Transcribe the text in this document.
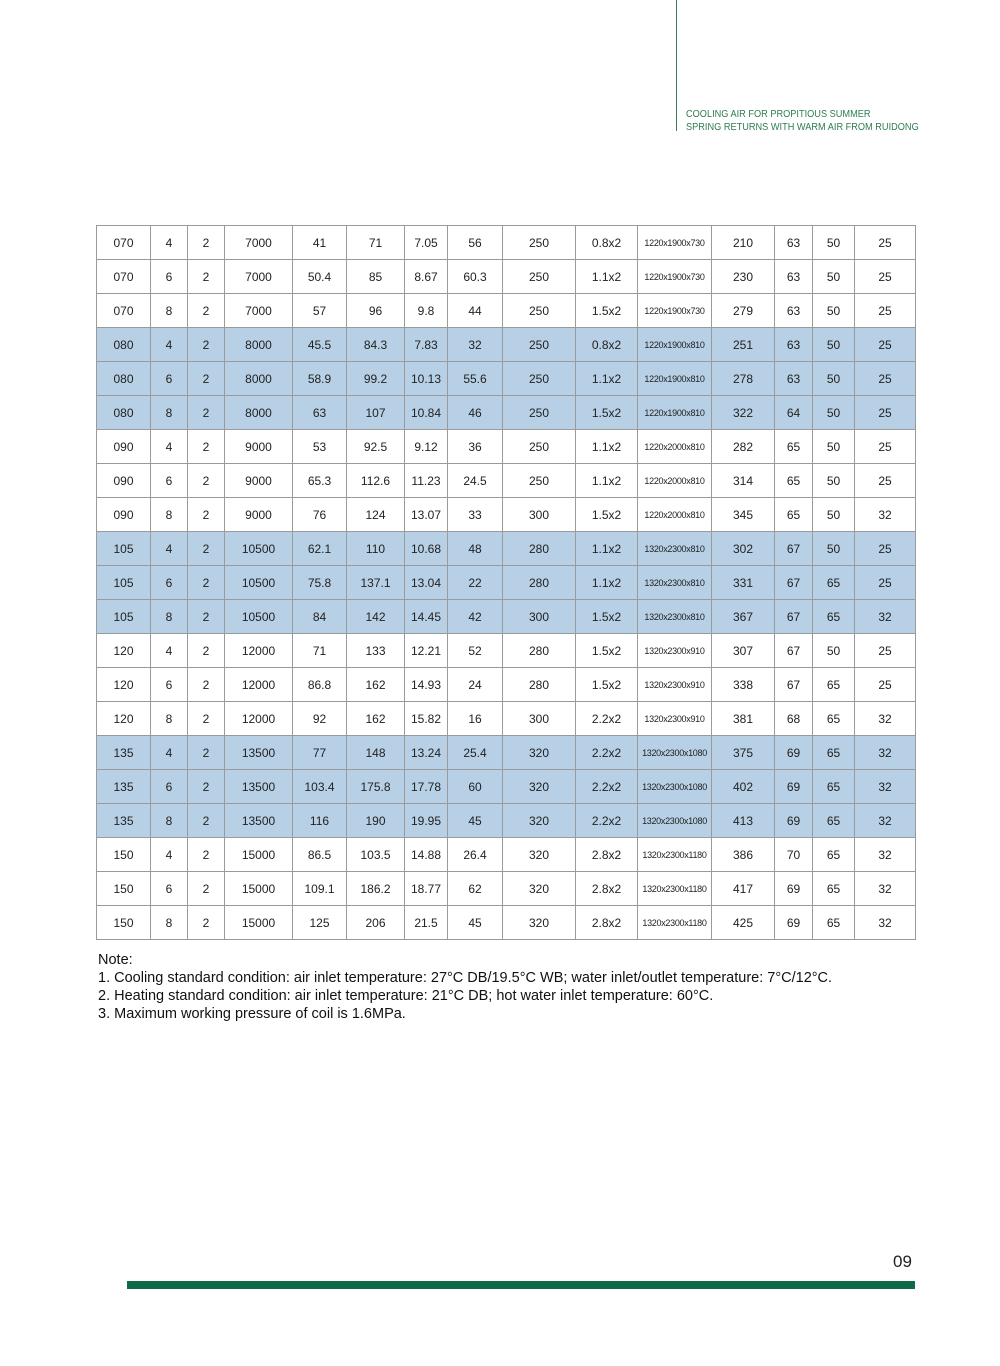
COOLING AIR FOR PROPITIOUS SUMMER
SPRING RETURNS WITH WARM AIR FROM RUIDONG
070	4	2	7000	41	71	7.05	56	250	0.8x2	1220x1900x730	210	63	50	25
070	6	2	7000	50.4	85	8.67	60.3	250	1.1x2	1220x1900x730	230	63	50	25
070	8	2	7000	57	96	9.8	44	250	1.5x2	1220x1900x730	279	63	50	25
080	4	2	8000	45.5	84.3	7.83	32	250	0.8x2	1220x1900x810	251	63	50	25
080	6	2	8000	58.9	99.2	10.13	55.6	250	1.1x2	1220x1900x810	278	63	50	25
080	8	2	8000	63	107	10.84	46	250	1.5x2	1220x1900x810	322	64	50	25
090	4	2	9000	53	92.5	9.12	36	250	1.1x2	1220x2000x810	282	65	50	25
090	6	2	9000	65.3	112.6	11.23	24.5	250	1.1x2	1220x2000x810	314	65	50	25
090	8	2	9000	76	124	13.07	33	300	1.5x2	1220x2000x810	345	65	50	32
105	4	2	10500	62.1	110	10.68	48	280	1.1x2	1320x2300x810	302	67	50	25
105	6	2	10500	75.8	137.1	13.04	22	280	1.1x2	1320x2300x810	331	67	65	25
105	8	2	10500	84	142	14.45	42	300	1.5x2	1320x2300x810	367	67	65	32
120	4	2	12000	71	133	12.21	52	280	1.5x2	1320x2300x910	307	67	50	25
120	6	2	12000	86.8	162	14.93	24	280	1.5x2	1320x2300x910	338	67	65	25
120	8	2	12000	92	162	15.82	16	300	2.2x2	1320x2300x910	381	68	65	32
135	4	2	13500	77	148	13.24	25.4	320	2.2x2	1320x2300x1080	375	69	65	32
135	6	2	13500	103.4	175.8	17.78	60	320	2.2x2	1320x2300x1080	402	69	65	32
135	8	2	13500	116	190	19.95	45	320	2.2x2	1320x2300x1080	413	69	65	32
150	4	2	15000	86.5	103.5	14.88	26.4	320	2.8x2	1320x2300x1180	386	70	65	32
150	6	2	15000	109.1	186.2	18.77	62	320	2.8x2	1320x2300x1180	417	69	65	32
150	8	2	15000	125	206	21.5	45	320	2.8x2	1320x2300x1180	425	69	65	32
Note:
1. Cooling standard condition: air inlet temperature: 27°C DB/19.5°C WB; water inlet/outlet temperature: 7°C/12°C.
2. Heating standard condition: air inlet temperature: 21°C DB; hot water inlet temperature: 60°C.
3. Maximum working pressure of coil is 1.6MPa.
09
